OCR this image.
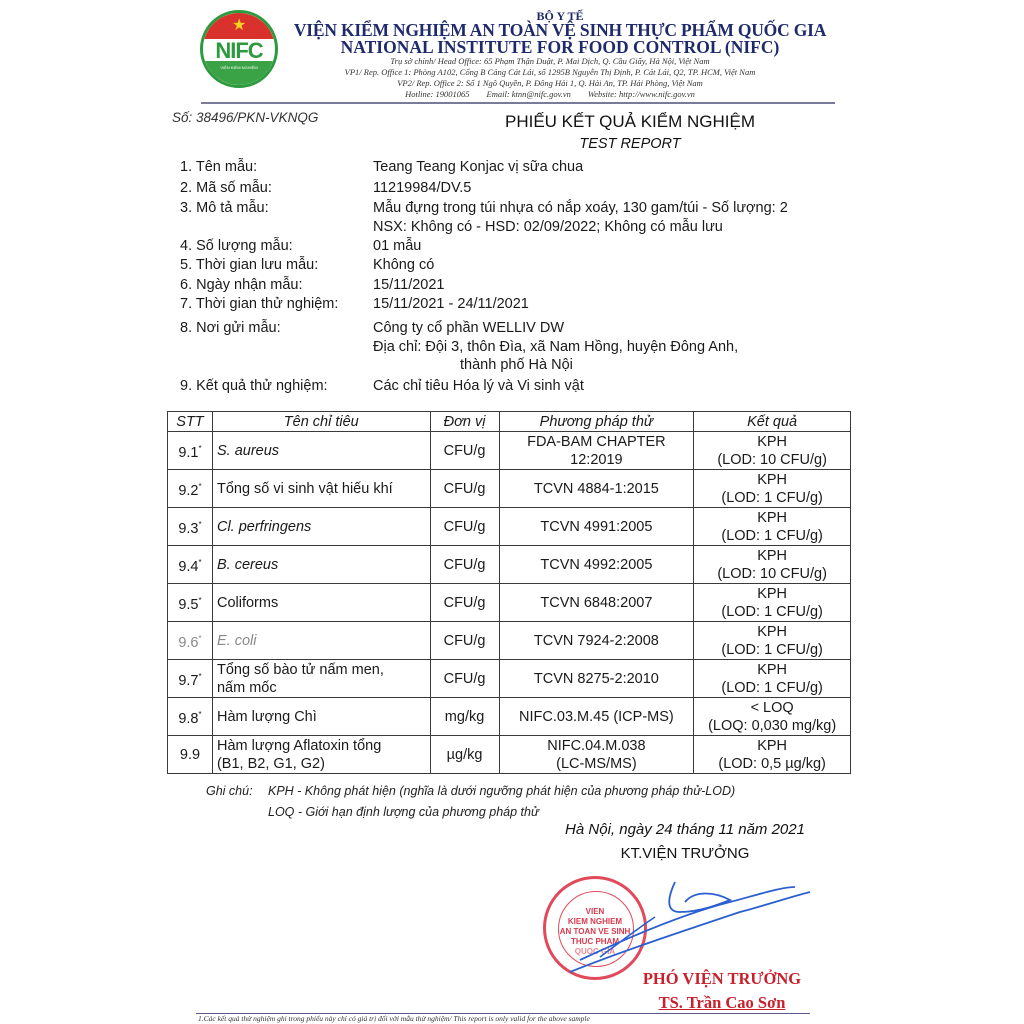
★
NIFC
VIỆN KIỂM NGHIỆM
BỘ Y TẾ
VIỆN KIỂM NGHIỆM AN TOÀN VỆ SINH THỰC PHẨM QUỐC GIA
NATIONAL INSTITUTE FOR FOOD CONTROL (NIFC)
Trụ sở chính/ Head Office: 65 Phạm Thận Duật, P. Mai Dịch, Q. Cầu Giấy, Hà Nội, Việt Nam
VP1/ Rep. Office 1: Phòng A102, Cổng B Cảng Cát Lái, số 1295B Nguyễn Thị Định, P. Cát Lái, Q2, TP. HCM, Việt Nam
VP2/ Rep. Office 2: Số 1 Ngô Quyền, P. Đông Hải 1, Q. Hải An, TP. Hải Phòng, Việt Nam
Hotline: 19001065        Email: ktnn@nifc.gov.vn        Website: http://www.nifc.gov.vn
Số: 38496/PKN-VKNQG	PHIẾU KẾT QUẢ KIỂM NGHIỆM
TEST REPORT
1. Tên mẫu:	Teang Teang Konjac vị sữa chua
2. Mã số mẫu:	11219984/DV.5
3. Mô tả mẫu:	Mẫu đựng trong túi nhựa có nắp xoáy, 130 gam/túi - Số lượng: 2
NSX: Không có - HSD: 02/09/2022; Không có mẫu lưu
4. Số lượng mẫu:	01 mẫu
5. Thời gian lưu mẫu:	Không có
6. Ngày nhận mẫu:	15/11/2021
7. Thời gian thử nghiệm: 15/11/2021 - 24/11/2021
8. Nơi gửi mẫu:	Công ty cổ phần WELLIV DW
Địa chỉ: Đội 3, thôn Đìa, xã Nam Hồng, huyện Đông Anh,
thành phố Hà Nội
9. Kết quả thử nghiệm:	Các chỉ tiêu Hóa lý và Vi sinh vật
STT	Tên chỉ tiêu	Đơn vị	Phương pháp thử	Kết quả
9.1*	S. aureus	CFU/g	FDA-BAM CHAPTER
12:2019	KPH
(LOD: 10 CFU/g)
9.2*	Tổng số vi sinh vật hiếu khí	CFU/g	TCVN 4884-1:2015	KPH
(LOD: 1 CFU/g)
9.3*	Cl. perfringens	CFU/g	TCVN 4991:2005	KPH
(LOD: 1 CFU/g)
9.4*	B. cereus	CFU/g	TCVN 4992:2005	KPH
(LOD: 10 CFU/g)
9.5*	Coliforms	CFU/g	TCVN 6848:2007	KPH
(LOD: 1 CFU/g)
9.6*	E. coli	CFU/g	TCVN 7924-2:2008	KPH
(LOD: 1 CFU/g)
9.7*	Tổng số bào tử nấm men,
nấm mốc	CFU/g	TCVN 8275-2:2010	KPH
(LOD: 1 CFU/g)
9.8*	Hàm lượng Chì	mg/kg	NIFC.03.M.45 (ICP-MS)	< LOQ
(LOQ: 0,030 mg/kg)
9.9	Hàm lượng Aflatoxin tổng
(B1, B2, G1, G2)	µg/kg	NIFC.04.M.038
(LC-MS/MS)	KPH
(LOD: 0,5 µg/kg)
Ghi chú: KPH - Không phát hiện (nghĩa là dưới ngưỡng phát hiện của phương pháp thử-LOD)
LOQ - Giới hạn định lượng của phương pháp thử
Hà Nội, ngày 24 tháng 11 năm 2021
KT.VIỆN TRƯỞNG
VIEN
KIEM NGHIEM
AN TOAN VE SINH
THUC PHAM
QUOC GIA
PHÓ VIỆN TRƯỞNG
TS. Trần Cao Sơn
1.Các kết quả thử nghiệm ghi trong phiếu này chỉ có giá trị đối với mẫu thử nghiệm/ This report is only valid for the above sample
